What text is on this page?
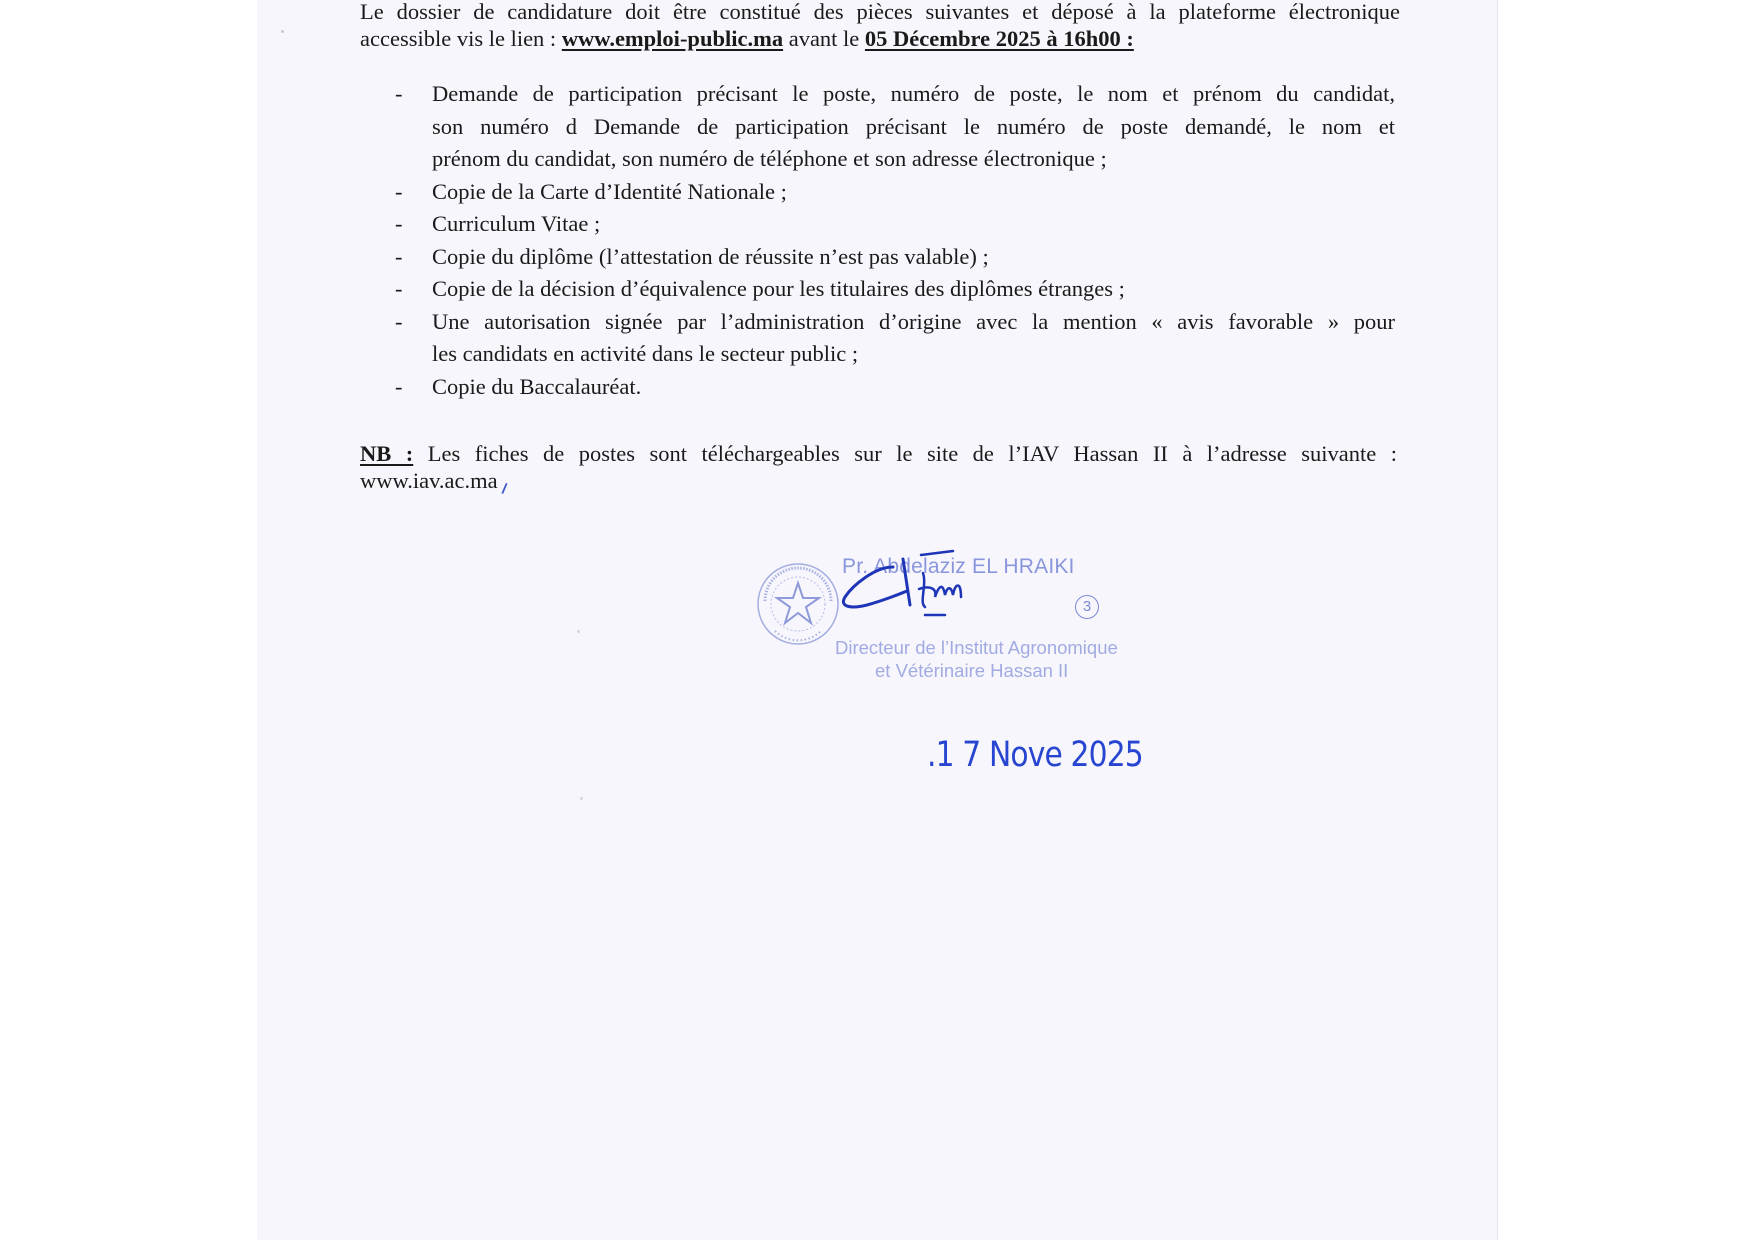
Le dossier de candidature doit être constitué des pièces suivantes et déposé à la plateforme électronique
accessible vis le lien : www.emploi-public.ma avant le 05 Décembre 2025 à 16h00 :
- Demande de participation précisant le poste, numéro de poste, le nom et prénom du candidat,
son numéro d Demande de participation précisant le numéro de poste demandé, le nom et
prénom du candidat, son numéro de téléphone et son adresse électronique ;
- Copie de la Carte d’Identité Nationale ;
- Curriculum Vitae ;
- Copie du diplôme (l’attestation de réussite n’est pas valable) ;
- Copie de la décision d’équivalence pour les titulaires des diplômes étranges ;
- Une autorisation signée par l’administration d’origine avec la mention « avis favorable » pour
les candidats en activité dans le secteur public ;
- Copie du Baccalauréat.
NB : Les fiches de postes sont téléchargeables sur le site de l’IAV Hassan II à l’adresse suivante :
www.iav.ac.maı
Pr. Abdelaziz EL HRAIKI
3
Directeur de l’Institut Agronomique
et Vétérinaire Hassan II
.1 7 Nove 2025
